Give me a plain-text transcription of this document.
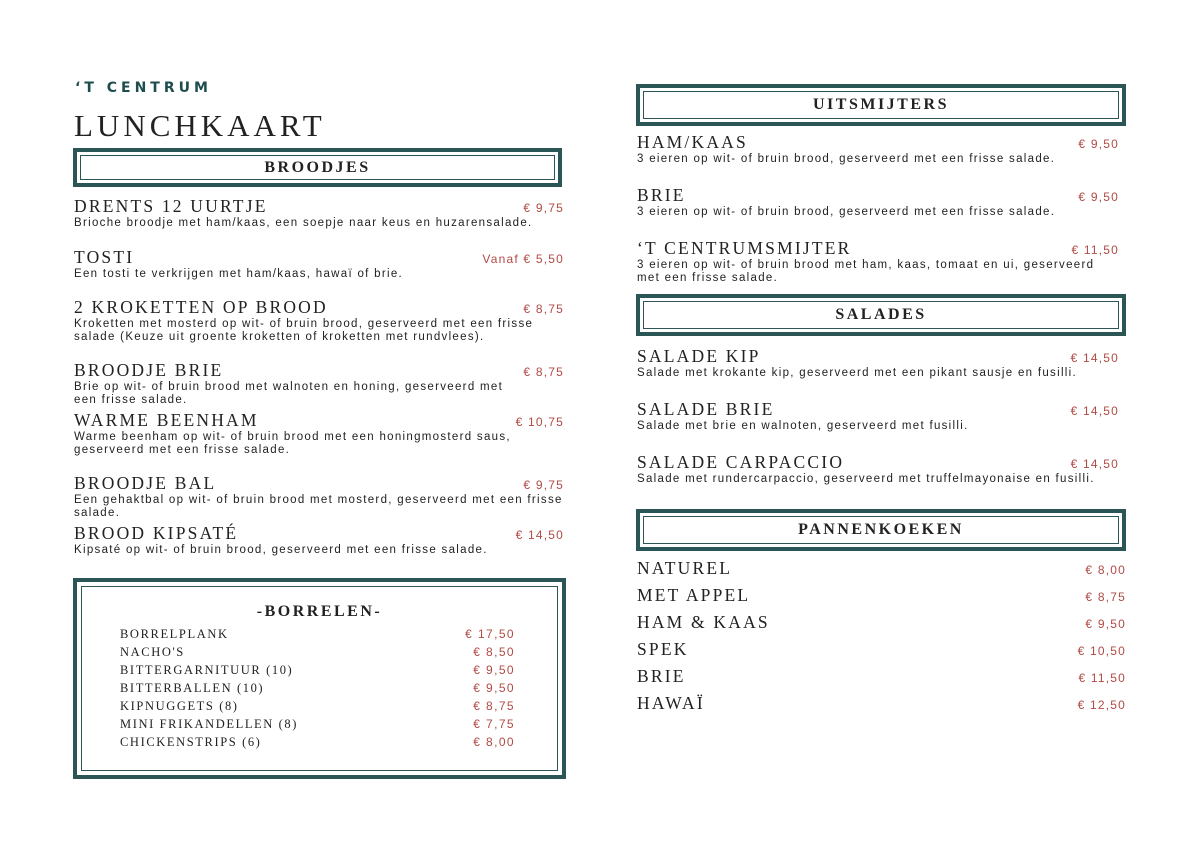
‘T CENTRUM
LUNCHKAART
BROODJES
DRENTS 12 UURTJE	€ 9,75
Brioche broodje met ham/kaas, een soepje naar keus en huzarensalade.
TOSTI	Vanaf € 5,50
Een tosti te verkrijgen met ham/kaas, hawaï of brie.
2 KROKETTEN OP BROOD	€ 8,75
Kroketten met mosterd op wit- of bruin brood, geserveerd met een frisse salade (Keuze uit groente kroketten of kroketten met rundvlees).
BROODJE BRIE	€ 8,75
Brie op wit- of bruin brood met walnoten en honing, geserveerd met een frisse salade.
WARME BEENHAM	€ 10,75
Warme beenham op wit- of bruin brood met een honingmosterd saus, geserveerd met een frisse salade.
BROODJE BAL	€ 9,75
Een gehaktbal op wit- of bruin brood met mosterd, geserveerd met een frisse salade.
BROOD KIPSATÉ	€ 14,50
Kipsaté op wit- of bruin brood, geserveerd met een frisse salade.
-BORRELEN-
BORRELPLANK	€ 17,50
NACHO'S	€ 8,50
BITTERGARNITUUR (10)	€ 9,50
BITTERBALLEN (10)	€ 9,50
KIPNUGGETS (8)	€ 8,75
MINI FRIKANDELLEN (8)	€ 7,75
CHICKENSTRIPS (6)	€ 8,00
UITSMIJTERS
HAM/KAAS	€ 9,50
3 eieren op wit- of bruin brood, geserveerd met een frisse salade.
BRIE	€ 9,50
3 eieren op wit- of bruin brood, geserveerd met een frisse salade.
‘T CENTRUMSMIJTER	€ 11,50
3 eieren op wit- of bruin brood met ham, kaas, tomaat en ui, geserveerd met een frisse salade.
SALADES
SALADE KIP	€ 14,50
Salade met krokante kip, geserveerd met een pikant sausje en fusilli.
SALADE BRIE	€ 14,50
Salade met brie en walnoten, geserveerd met fusilli.
SALADE CARPACCIO	€ 14,50
Salade met rundercarpaccio, geserveerd met truffelmayonaise en fusilli.
PANNENKOEKEN
NATUREL	€ 8,00
MET APPEL	€ 8,75
HAM & KAAS	€ 9,50
SPEK	€ 10,50
BRIE	€ 11,50
HAWAÏ	€ 12,50
